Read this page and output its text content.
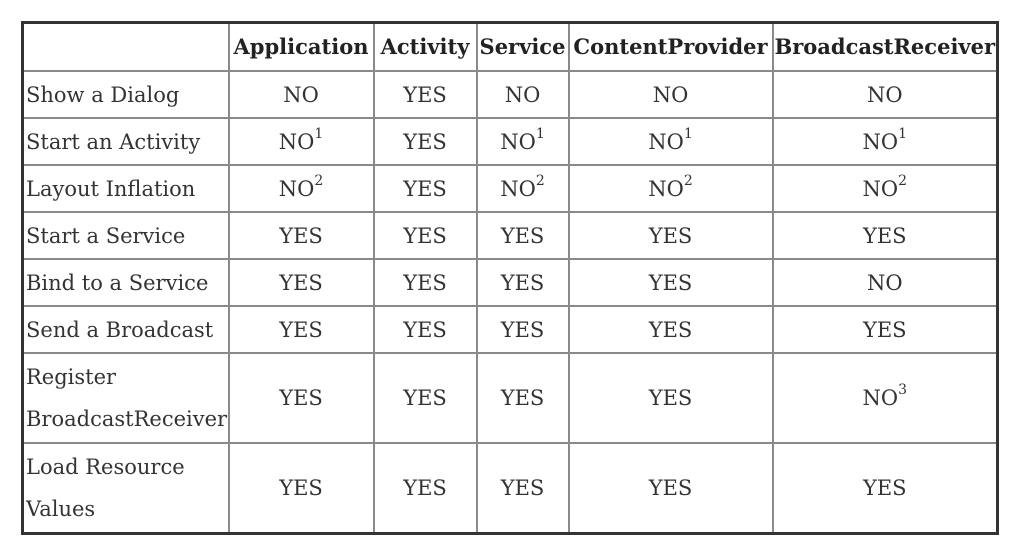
	Application	Activity	Service	ContentProvider	BroadcastReceiver
Show a Dialog	NO	YES	NO	NO	NO
Start an Activity	$NO^1$	YES	$NO^1$	$NO^1$	$NO^1$
Layout Inflation	$NO^2$	YES	$NO^2$	$NO^2$	$NO^2$
Start a Service	YES	YES	YES	YES	YES
Bind to a Service	YES	YES	YES	YES	NO
Send a Broadcast	YES	YES	YES	YES	YES
Register BroadcastReceiver	YES	YES	YES	YES	$NO^3$
Load Resource Values	YES	YES	YES	YES	YES
